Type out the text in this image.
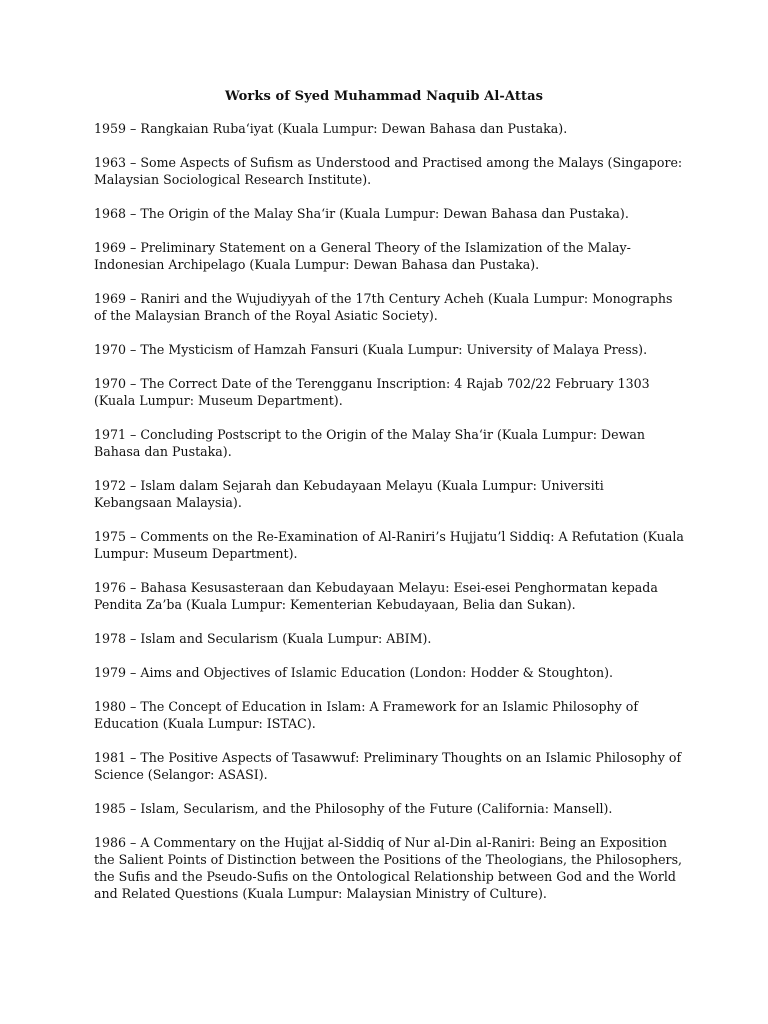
Works of Syed Muhammad Naquib Al-Attas

1959 – Rangkaian Ruba‘iyat (Kuala Lumpur: Dewan Bahasa dan Pustaka).

1963 – Some Aspects of Sufism as Understood and Practised among the Malays (Singapore: Malaysian Sociological Research Institute).

1968 – The Origin of the Malay Sha‘ir (Kuala Lumpur: Dewan Bahasa dan Pustaka).

1969 – Preliminary Statement on a General Theory of the Islamization of the Malay-Indonesian Archipelago (Kuala Lumpur: Dewan Bahasa dan Pustaka).

1969 – Raniri and the Wujudiyyah of the 17th Century Acheh (Kuala Lumpur: Monographs of the Malaysian Branch of the Royal Asiatic Society).

1970 – The Mysticism of Hamzah Fansuri (Kuala Lumpur: University of Malaya Press).

1970 – The Correct Date of the Terengganu Inscription: 4 Rajab 702/22 February 1303 (Kuala Lumpur: Museum Department).

1971 – Concluding Postscript to the Origin of the Malay Sha‘ir (Kuala Lumpur: Dewan Bahasa dan Pustaka).

1972 – Islam dalam Sejarah dan Kebudayaan Melayu (Kuala Lumpur: Universiti Kebangsaan Malaysia).

1975 – Comments on the Re-Examination of Al-Raniri’s Hujjatu’l Siddiq: A Refutation (Kuala Lumpur: Museum Department).

1976 – Bahasa Kesusasteraan dan Kebudayaan Melayu: Esei-esei Penghormatan kepada Pendita Za’ba (Kuala Lumpur: Kementerian Kebudayaan, Belia dan Sukan).

1978 – Islam and Secularism (Kuala Lumpur: ABIM).

1979 – Aims and Objectives of Islamic Education (London: Hodder & Stoughton).

1980 – The Concept of Education in Islam: A Framework for an Islamic Philosophy of Education (Kuala Lumpur: ISTAC).

1981 – The Positive Aspects of Tasawwuf: Preliminary Thoughts on an Islamic Philosophy of Science (Selangor: ASASI).

1985 – Islam, Secularism, and the Philosophy of the Future (California: Mansell).

1986 – A Commentary on the Hujjat al-Siddiq of Nur al-Din al-Raniri: Being an Exposition the Salient Points of Distinction between the Positions of the Theologians, the Philosophers, the Sufis and the Pseudo-Sufis on the Ontological Relationship between God and the World and Related Questions (Kuala Lumpur: Malaysian Ministry of Culture).
